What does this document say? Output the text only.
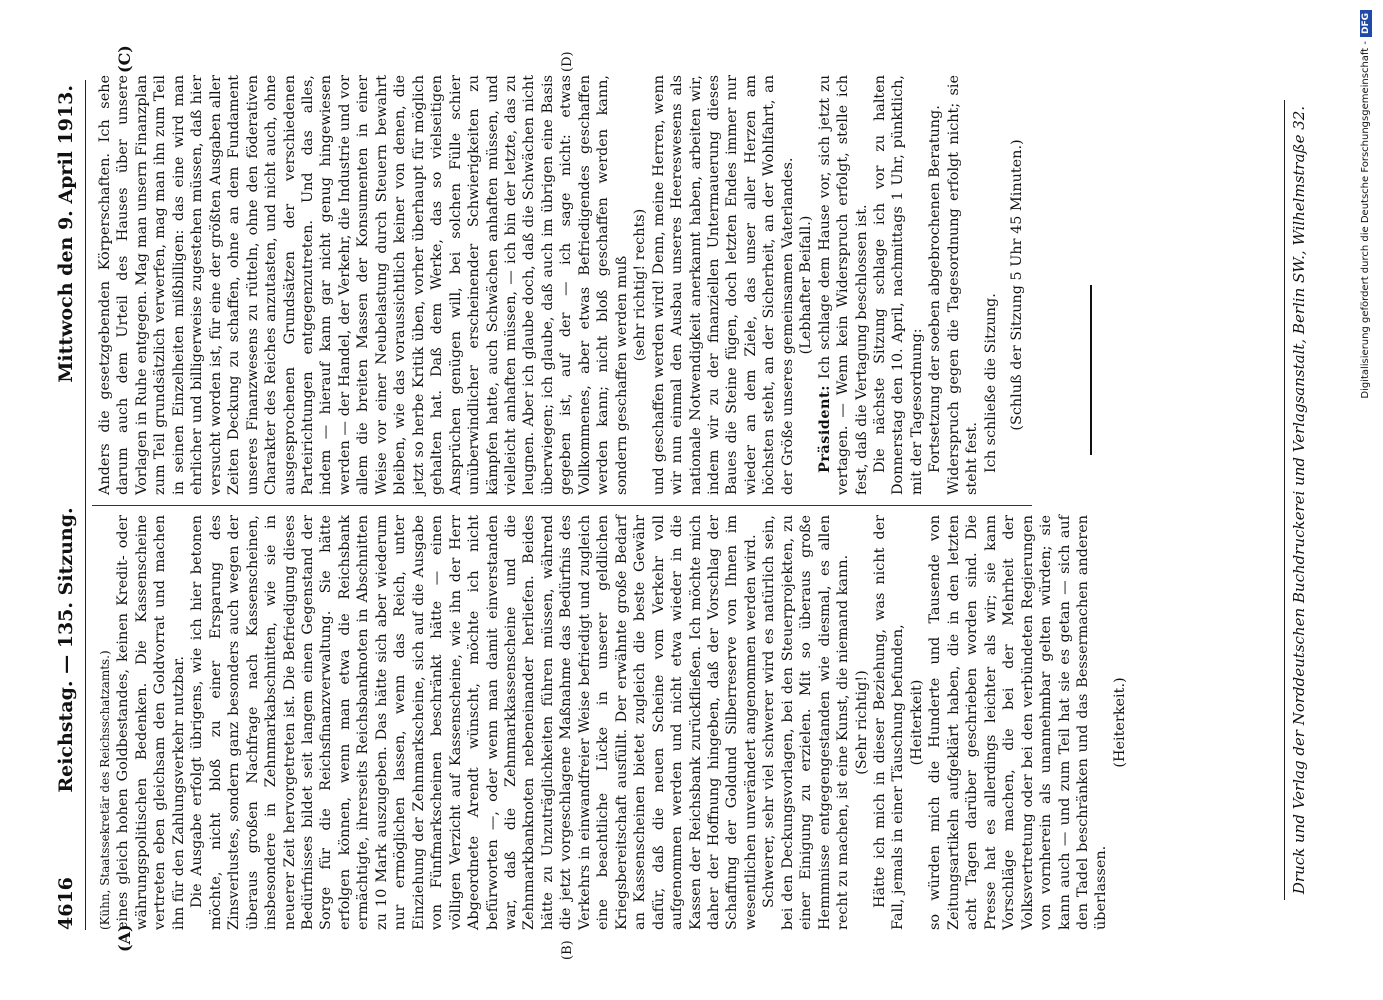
4616
Reichstag. — 135. Sitzung.
Mittwoch den 9. April 1913.
(A)	(B)
(C)	(D)

(Kühn, Staatssekretär des Reichsschatzamts.) eines gleich hohen Goldbestandes, keinen Kredit- oder währungspolitischen Bedenken. Die Kassenscheine vertreten eben gleichsam den Goldvorrat und machen ihn für den Zahlungsverkehr nutzbar. Die Ausgabe erfolgt übrigens, wie ich hier betonen möchte, nicht bloß zu einer Ersparung des Zinsverlustes, sondern ganz besonders auch wegen der überaus großen Nachfrage nach Kassenscheinen, insbesondere in Zehnmarkabschnitten, wie sie in neuerer Zeit hervorgetreten ist. Die Befriedigung dieses Bedürfnisses bildet seit langem einen Gegenstand der Sorge für die Reichsfinanzverwaltung. Sie hätte erfolgen können, wenn man etwa die Reichsbank ermächtigte, ihrerseits Reichsbanknoten in Abschnitten zu 10 Mark auszugeben. Das hätte sich aber wiederum nur ermöglichen lassen, wenn das Reich, unter Einziehung der Zehnmarkscheine, sich auf die Ausgabe von Fünfmarkscheinen beschränkt hätte — einen völligen Verzicht auf Kassenscheine, wie ihn der Herr Abgeordnete Arendt wünscht, möchte ich nicht befürworten —, oder wenn man damit einverstanden war, daß die Zehnmarkkassenscheine und die Zehnmarkbanknoten nebeneinander herliefen. Beides hätte zu Unzuträglichkeiten führen müssen, während die jetzt vorgeschlagene Maßnahme das Bedürfnis des Verkehrs in einwandfreier Weise befriedigt und zugleich eine beachtliche Lücke in unserer geldlichen Kriegsbereitschaft ausfüllt. Der erwähnte große Bedarf an Kassenscheinen bietet zugleich die beste Gewähr dafür, daß die neuen Scheine vom Verkehr voll aufgenommen werden und nicht etwa wieder in die Kassen der Reichsbank zurückfließen. Ich möchte mich daher der Hoffnung hingeben, daß der Vorschlag der Schaffung der Goldund Silberreserve von Ihnen im wesentlichen unverändert angenommen werden wird. Schwerer, sehr viel schwerer wird es natürlich sein, bei den Deckungsvorlagen, bei den Steuerprojekten, zu einer Einigung zu erzielen. Mit so überaus große Hemmnisse entgegengestanden wie diesmal, es allen recht zu machen, ist eine Kunst, die niemand kann. (Sehr richtig!) Hätte ich mich in dieser Beziehung, was nicht der Fall, jemals in einer Täuschung befunden, (Heiterkeit) so würden mich die Hunderte und Tausende von Zeitungsartikeln aufgeklärt haben, die in den letzten acht Tagen darüber geschrieben worden sind. Die Presse hat es allerdings leichter als wir; sie kann Vorschläge machen, die bei der Mehrheit der Volksvertretung oder bei den verbündeten Regierungen von vornherein als unannehmbar gelten würden; sie kann auch — und zum Teil hat sie es getan — sich auf den Tadel beschränken und das Bessermachen anderen überlassen.

(Heiterkeit.)

Anders die gesetzgebenden Körperschaften. Ich sehe darum auch dem Urteil des Hauses über unsere Vorlagen in Ruhe entgegen. Mag man unsern Finanzplan zum Teil grundsätzlich verwerfen, mag man ihn zum Teil in seinen Einzelheiten mißbilligen: das eine wird man ehrlicher und billigerweise zugestehen müssen, daß hier versucht worden ist, für eine der größten Ausgaben aller Zeiten Deckung zu schaffen, ohne an dem Fundament unseres Finanzwesens zu rütteln, ohne den föderativen Charakter des Reiches anzutasten, und nicht auch, ohne ausgesprochenen Grundsätzen der verschiedenen Parteirichtungen entgegenzutreten. Und das alles, indem — hierauf kann gar nicht genug hingewiesen werden — der Handel, der Verkehr, die Industrie und vor allem die breiten Massen der Konsumenten in einer Weise vor einer Neubelastung durch Steuern bewahrt bleiben, wie das voraussichtlich keiner von denen, die jetzt so herbe Kritik üben, vorher überhaupt für möglich gehalten hat. Daß dem Werke, das so vielseitigen Ansprüchen genügen will, bei solchen Fülle schier unüberwindlicher erscheinender Schwierigkeiten zu kämpfen hatte, auch Schwächen anhaften müssen, und vielleicht anhaften müssen, — ich bin der letzte, das zu leugnen. Aber ich glaube doch, daß die Schwächen nicht überwiegen; ich glaube, daß auch im übrigen eine Basis gegeben ist, auf der — ich sage nicht: etwas Vollkommenes, aber etwas Befriedigendes geschaffen werden kann; nicht bloß geschaffen werden kann, sondern geschaffen werden muß (sehr richtig! rechts) und geschaffen werden wird! Denn, meine Herren, wenn wir nun einmal den Ausbau unseres Heereswesens als nationale Notwendigkeit anerkannt haben, arbeiten wir, indem wir zu der finanziellen Untermauerung dieses Baues die Steine fügen, doch letzten Endes immer nur wieder an dem Ziele, das unser aller Herzen am höchsten steht, an der Sicherheit, an der Wohlfahrt, an der Größe unseres gemeinsamen Vaterlandes. (Lebhafter Beifall.)

Präsident: Ich schlage dem Hause vor, sich jetzt zu vertagen. — Wenn kein Widerspruch erfolgt, stelle ich fest, daß die Vertagung beschlossen ist. Die nächste Sitzung schlage ich vor zu halten Donnerstag den 10. April, nachmittags 1 Uhr, pünktlich, mit der Tagesordnung: Fortsetzung der soeben abgebrochenen Beratung. Widerspruch gegen die Tagesordnung erfolgt nicht; sie steht fest. Ich schließe die Sitzung. (Schluß der Sitzung 5 Uhr 45 Minuten.)	Druck und Verlag der Norddeutschen Buchdruckerei und Verlagsanstalt, Berlin SW., Wilhelmstraße 32.	Digitalisierung gefördert durch die Deutsche Forschungsgemeinschaft -DFG
